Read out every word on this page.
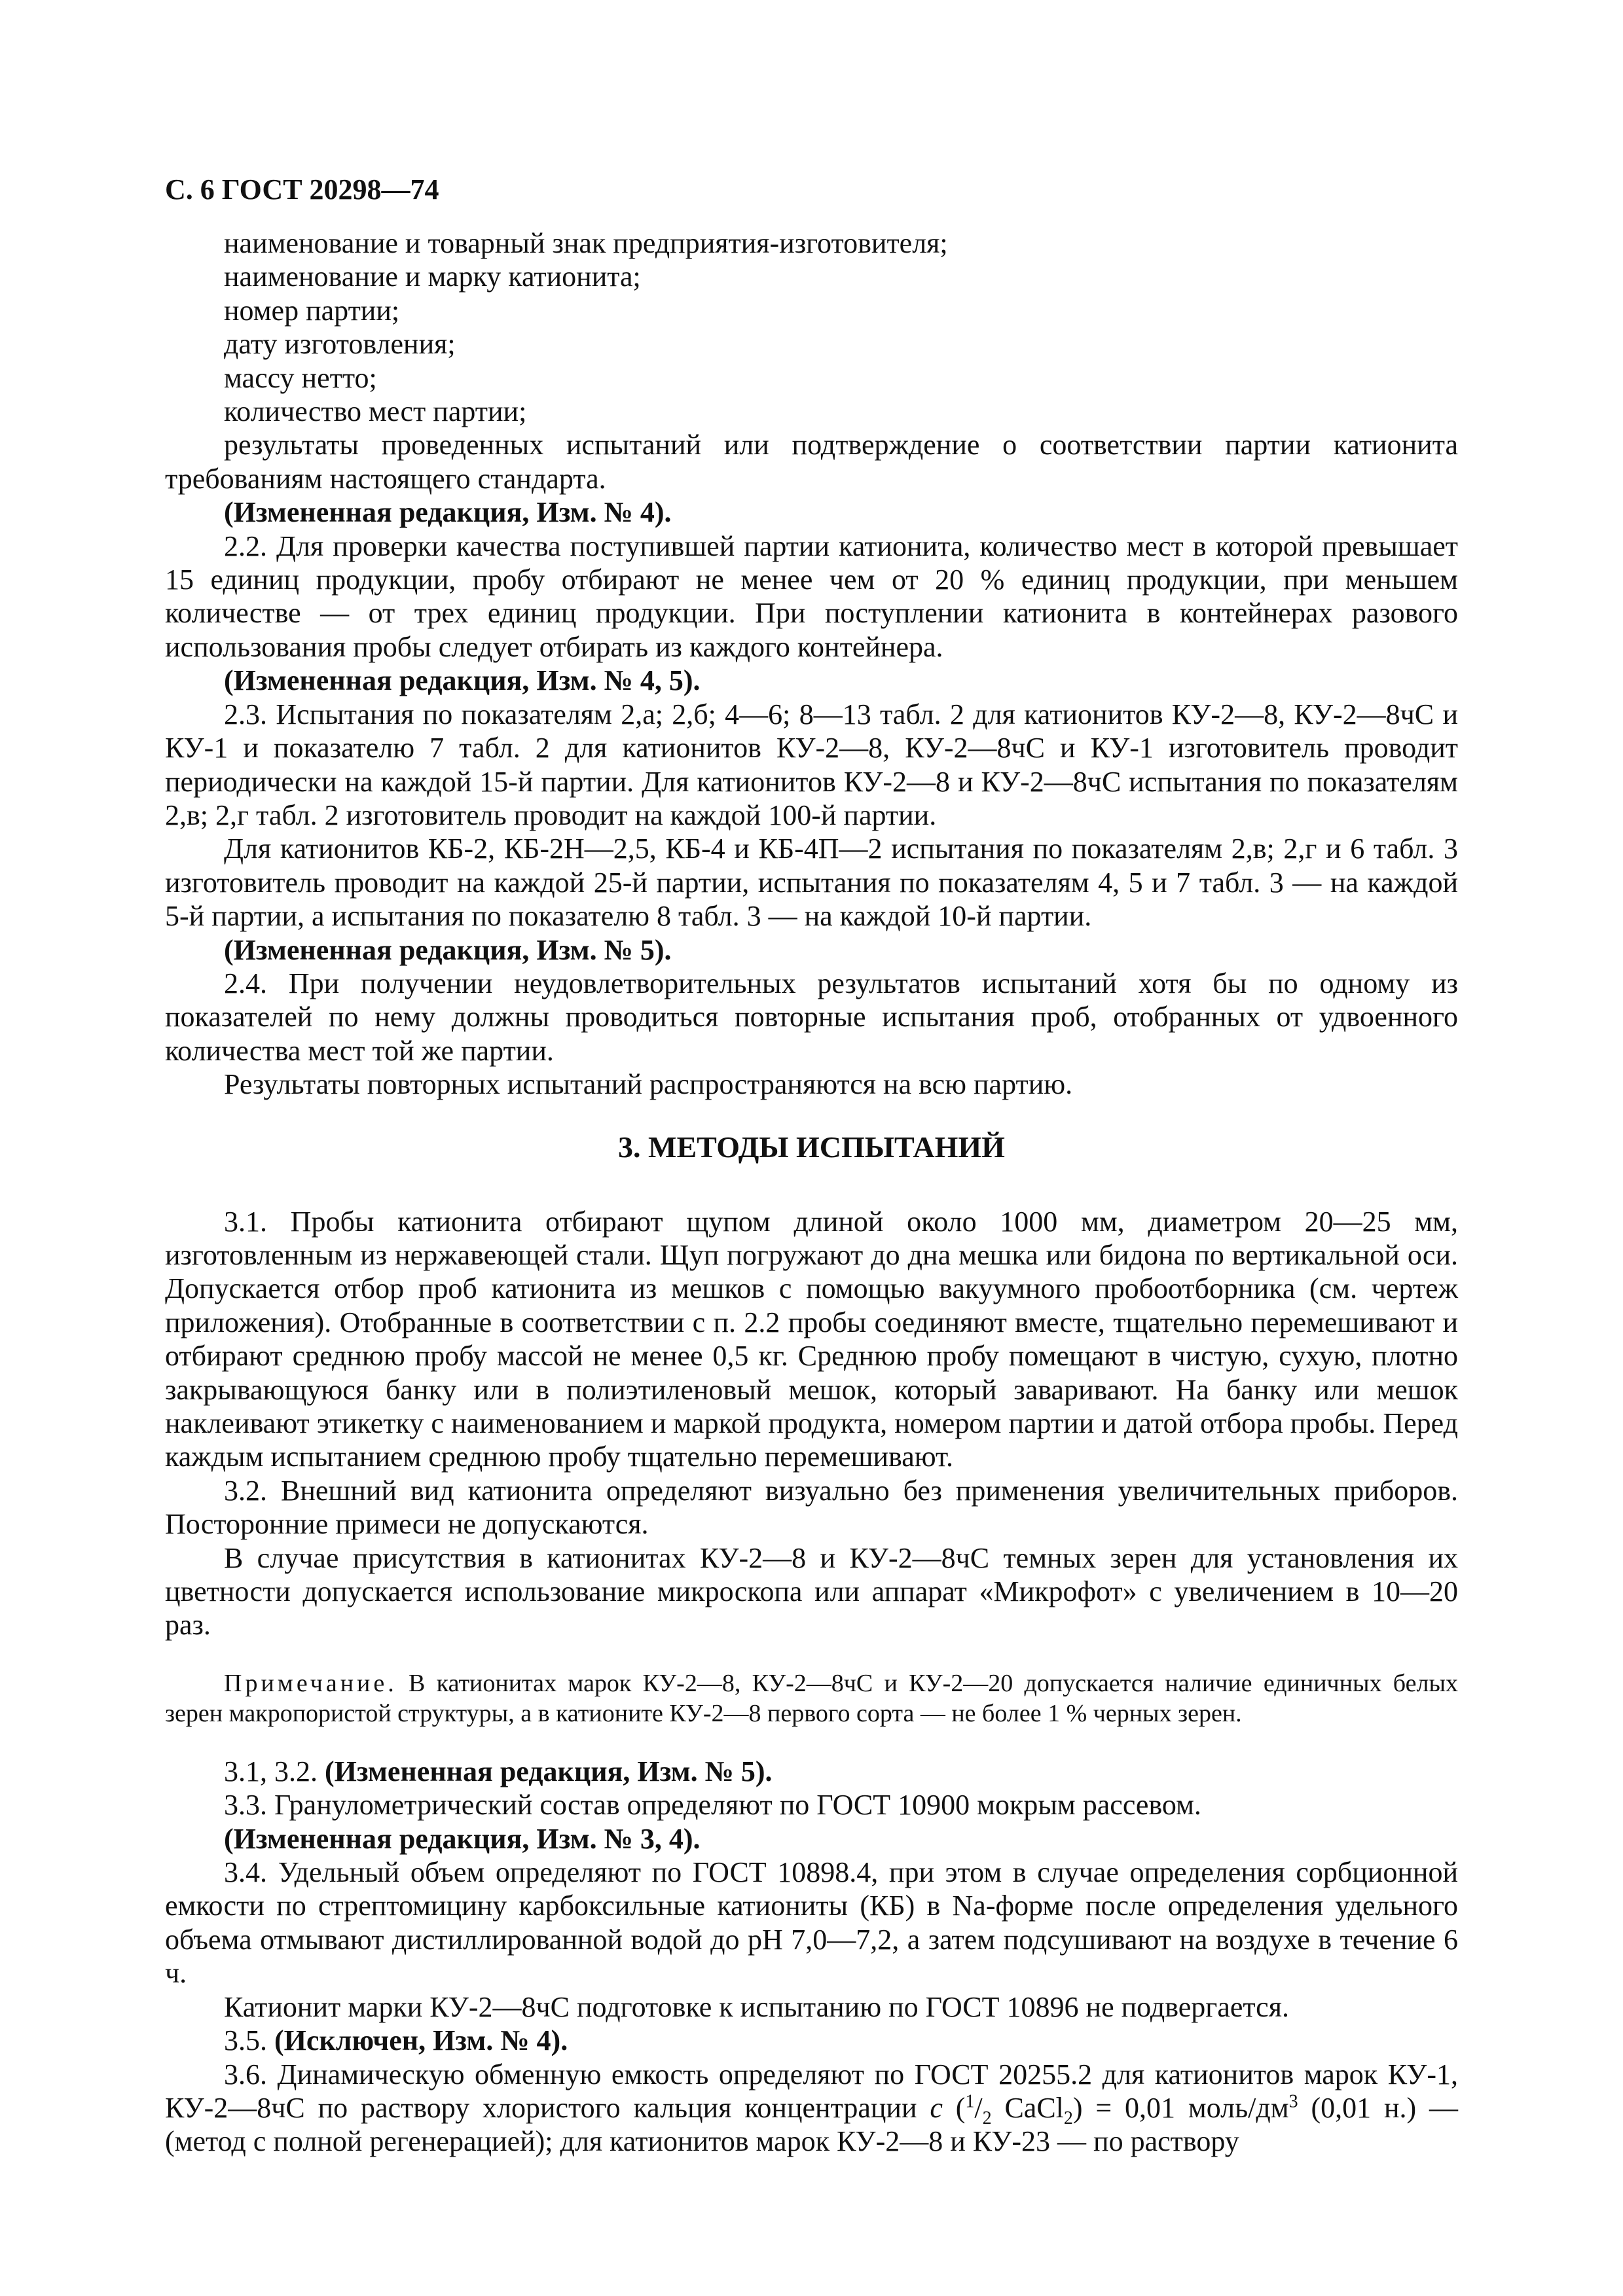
С. 6 ГОСТ 20298—74
наименование и товарный знак предприятия-изготовителя;
наименование и марку катионита;
номер партии;
дату изготовления;
массу нетто;
количество мест партии;

результаты проведенных испытаний или подтверждение о соответствии партии катионита требованиям настоящего стандарта.

(Измененная редакция, Изм. № 4).

2.2. Для проверки качества поступившей партии катионита, количество мест в которой превышает 15 единиц продукции, пробу отбирают не менее чем от 20 % единиц продукции, при меньшем количестве — от трех единиц продукции. При поступлении катионита в контейнерах разового использования пробы следует отбирать из каждого контейнера.

(Измененная редакция, Изм. № 4, 5).

2.3. Испытания по показателям 2,а; 2,б; 4—6; 8—13 табл. 2 для катионитов КУ-2—8, КУ-2—8чС и КУ-1 и показателю 7 табл. 2 для катионитов КУ-2—8, КУ-2—8чС и КУ-1 изготовитель проводит периодически на каждой 15-й партии. Для катионитов КУ-2—8 и КУ-2—8чС испытания по показателям 2,в; 2,г табл. 2 изготовитель проводит на каждой 100-й партии.

Для катионитов КБ-2, КБ-2Н—2,5, КБ-4 и КБ-4П—2 испытания по показателям 2,в; 2,г и 6 табл. 3 изготовитель проводит на каждой 25-й партии, испытания по показателям 4, 5 и 7 табл. 3 — на каждой 5-й партии, а испытания по показателю 8 табл. 3 — на каждой 10-й партии.

(Измененная редакция, Изм. № 5).

2.4. При получении неудовлетворительных результатов испытаний хотя бы по одному из показателей по нему должны проводиться повторные испытания проб, отобранных от удвоенного количества мест той же партии.

Результаты повторных испытаний распространяются на всю партию.

3. МЕТОДЫ ИСПЫТАНИЙ

3.1. Пробы катионита отбирают щупом длиной около 1000 мм, диаметром 20—25 мм, изготовленным из нержавеющей стали. Щуп погружают до дна мешка или бидона по вертикальной оси. Допускается отбор проб катионита из мешков с помощью вакуумного пробоотборника (см. чертеж приложения). Отобранные в соответствии с п. 2.2 пробы соединяют вместе, тщательно перемешивают и отбирают среднюю пробу массой не менее 0,5 кг. Среднюю пробу помещают в чистую, сухую, плотно закрывающуюся банку или в полиэтиленовый мешок, который заваривают. На банку или мешок наклеивают этикетку с наименованием и маркой продукта, номером партии и датой отбора пробы. Перед каждым испытанием среднюю пробу тщательно перемешивают.

3.2. Внешний вид катионита определяют визуально без применения увеличительных приборов. Посторонние примеси не допускаются.

В случае присутствия в катионитах КУ-2—8 и КУ-2—8чС темных зерен для установления их цветности допускается использование микроскопа или аппарат «Микрофот» с увеличением в 10—20 раз.

Примечание. В катионитах марок КУ-2—8, КУ-2—8чС и КУ-2—20 допускается наличие единичных белых зерен макропористой структуры, а в катионите КУ-2—8 первого сорта — не более 1 % черных зерен.

3.1, 3.2. (Измененная редакция, Изм. № 5).

3.3. Гранулометрический состав определяют по ГОСТ 10900 мокрым рассевом.

(Измененная редакция, Изм. № 3, 4).

3.4. Удельный объем определяют по ГОСТ 10898.4, при этом в случае определения сорбционной емкости по стрептомицину карбоксильные катиониты (КБ) в Na-форме после определения удельного объема отмывают дистиллированной водой до pH 7,0—7,2, а затем подсушивают на воздухе в течение 6 ч.

Катионит марки КУ-2—8чС подготовке к испытанию по ГОСТ 10896 не подвергается.

3.5. (Исключен, Изм. № 4).

3.6. Динамическую обменную емкость определяют по ГОСТ 20255.2 для катионитов марок КУ-1, КУ-2—8чС по раствору хлористого кальция концентрации c ($^1/_2$ CaCl$_2$) = 0,01 моль/$дм^3$ (0,01 н.) — (метод с полной регенерацией); для катионитов марок КУ-2—8 и КУ-23 — по раствору
